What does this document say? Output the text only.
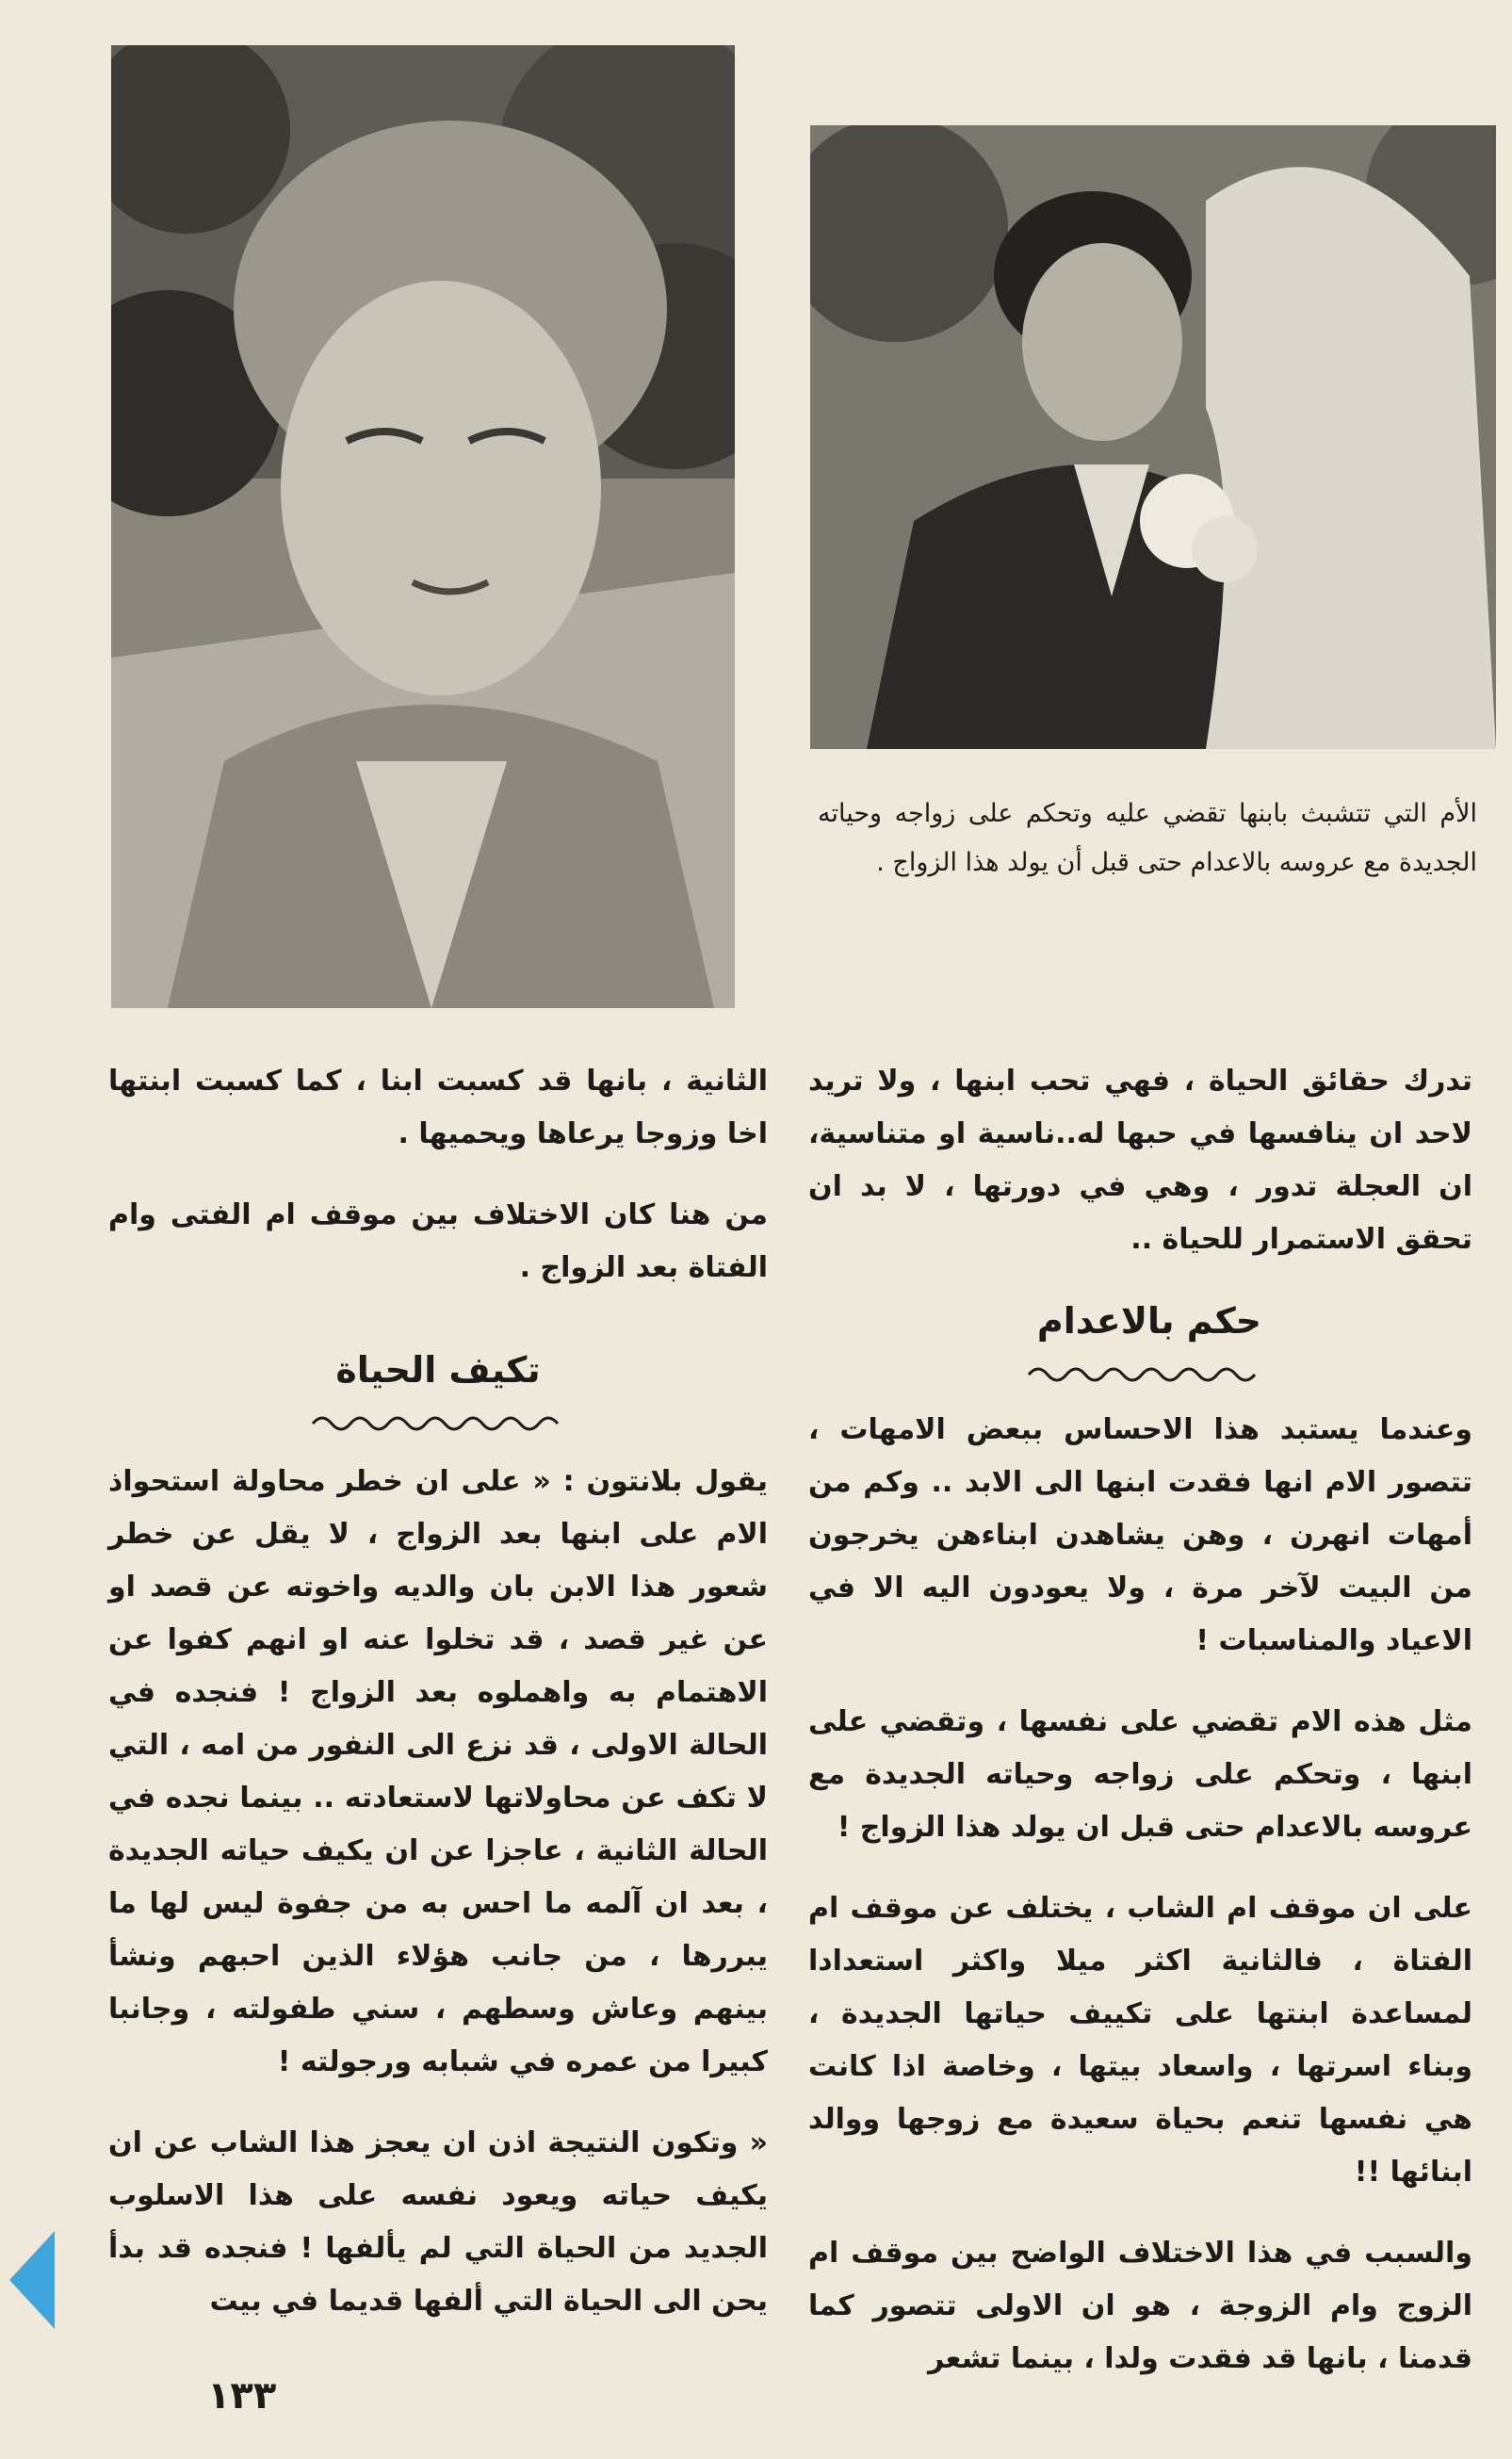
الأم التي تتشبث بابنها تقضي عليه وتحكم على زواجه وحياته الجديدة مع عروسه بالاعدام حتى قبل أن يولد هذا الزواج .

تدرك حقائق الحياة ، فهي تحب ابنها ، ولا تريد لاحد ان ينافسها في حبها له..ناسية او متناسية، ان العجلة تدور ، وهي في دورتها ، لا بد ان تحقق الاستمرار للحياة ..

حكم بالاعدام

وعندما يستبد هذا الاحساس ببعض الامهات ، تتصور الام انها فقدت ابنها الى الابد .. وكم من أمهات انهرن ، وهن يشاهدن ابناءهن يخرجون من البيت لآخر مرة ، ولا يعودون اليه الا في الاعياد والمناسبات !

مثل هذه الام تقضي على نفسها ، وتقضي على ابنها ، وتحكم على زواجه وحياته الجديدة مع عروسه بالاعدام حتى قبل ان يولد هذا الزواج !

على ان موقف ام الشاب ، يختلف عن موقف ام الفتاة ، فالثانية اكثر ميلا واكثر استعدادا لمساعدة ابنتها على تكييف حياتها الجديدة ، وبناء اسرتها ، واسعاد بيتها ، وخاصة اذا كانت هي نفسها تنعم بحياة سعيدة مع زوجها ووالد ابنائها !!

والسبب في هذا الاختلاف الواضح بين موقف ام الزوج وام الزوجة ، هو ان الاولى تتصور كما قدمنا ، بانها قد فقدت ولدا ، بينما تشعر

الثانية ، بانها قد كسبت ابنا ، كما كسبت ابنتها اخا وزوجا يرعاها ويحميها .

من هنا كان الاختلاف بين موقف ام الفتى وام الفتاة بعد الزواج .

تكيف الحياة

يقول بلانتون : « على ان خطر محاولة استحواذ الام على ابنها بعد الزواج ، لا يقل عن خطر شعور هذا الابن بان والديه واخوته عن قصد او عن غير قصد ، قد تخلوا عنه او انهم كفوا عن الاهتمام به واهملوه بعد الزواج ! فنجده في الحالة الاولى ، قد نزع الى النفور من امه ، التي لا تكف عن محاولاتها لاستعادته .. بينما نجده في الحالة الثانية ، عاجزا عن ان يكيف حياته الجديدة ، بعد ان آلمه ما احس به من جفوة ليس لها ما يبررها ، من جانب هؤلاء الذين احبهم ونشأ بينهم وعاش وسطهم ، سني طفولته ، وجانبا كبيرا من عمره في شبابه ورجولته !

« وتكون النتيجة اذن ان يعجز هذا الشاب عن ان يكيف حياته ويعود نفسه على هذا الاسلوب الجديد من الحياة التي لم يألفها ! فنجده قد بدأ يحن الى الحياة التي ألفها قديما في بيت

١٣٣
